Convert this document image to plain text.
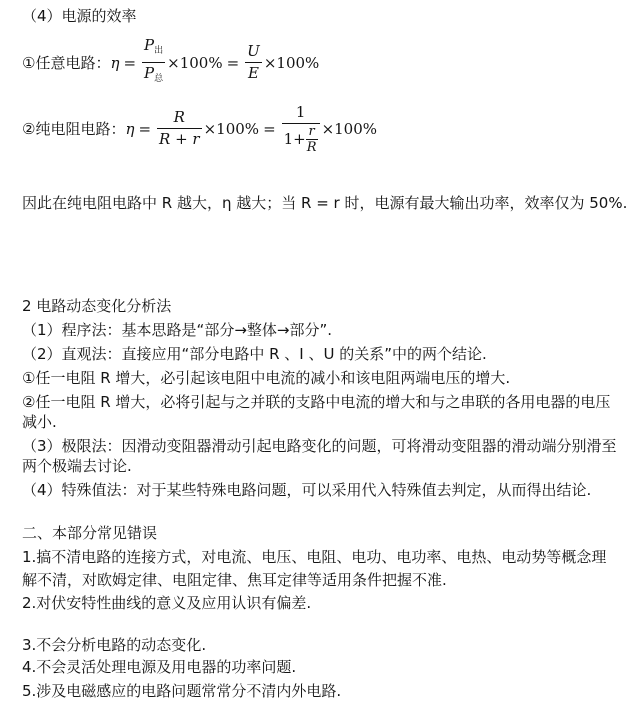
（4）电源的效率
①任意电路： $\eta = \frac{P_出}{P_总} \times 100\% = \frac{U}{E} \times 100\%$
②纯电阻电路： $\eta = \frac{R}{R + r} \times 100\% = \frac{1}{1+ \frac{r}{R}} \times 100\%$
因此在纯电阻电路中 R 越大，η 越大；当 R = r 时，电源有最大输出功率，效率仅为 50%.
2 电路动态变化分析法
（1）程序法：基本思路是“部分→整体→部分”.
（2）直观法：直接应用“部分电路中 R 、I 、U 的关系”中的两个结论.
①任一电阻 R 增大，必引起该电阻中电流的减小和该电阻两端电压的增大.
②任一电阻 R 增大，必将引起与之并联的支路中电流的增大和与之串联的各用电器的电压
减小.
（3）极限法：因滑动变阻器滑动引起电路变化的问题，可将滑动变阻器的滑动端分别滑至
两个极端去讨论.
（4）特殊值法：对于某些特殊电路问题，可以采用代入特殊值去判定，从而得出结论.
二、本部分常见错误
1.搞不清电路的连接方式，对电流、电压、电阻、电功、电功率、电热、电动势等概念理
解不清，对欧姆定律、电阻定律、焦耳定律等适用条件把握不准.
2.对伏安特性曲线的意义及应用认识有偏差.
3.不会分析电路的动态变化.
4.不会灵活处理电源及用电器的功率问题.
5.涉及电磁感应的电路问题常常分不清内外电路.
